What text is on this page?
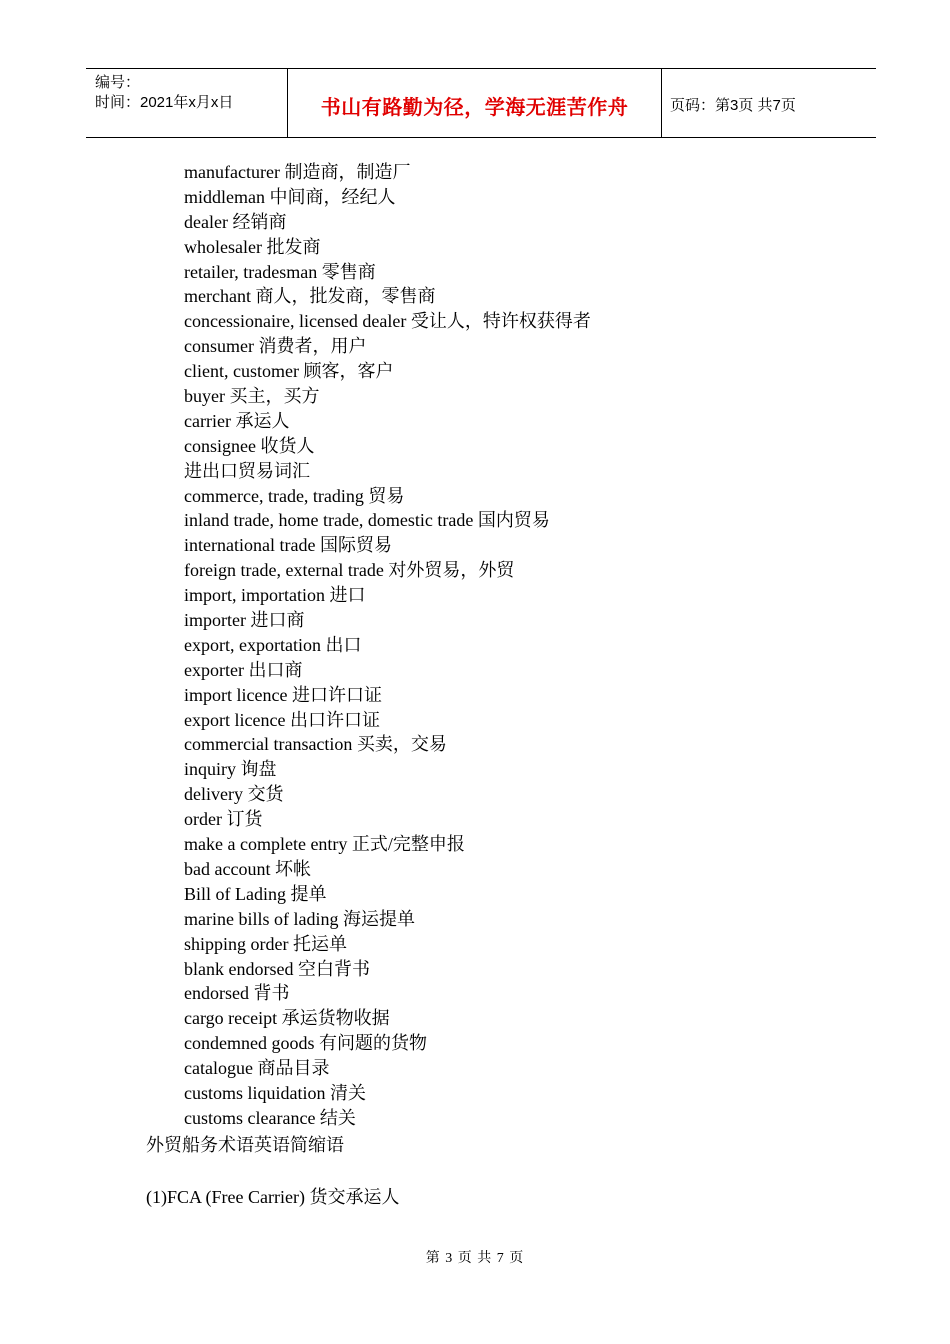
编号：
时间：2021年x月x日	书山有路勤为径，学海无涯苦作舟	页码：第3页 共7页
manufacturer 制造商，制造厂
middleman 中间商，经纪人
dealer 经销商
wholesaler 批发商
retailer, tradesman 零售商
merchant 商人，批发商，零售商
concessionaire, licensed dealer 受让人，特许权获得者
consumer 消费者，用户
client, customer 顾客，客户
buyer 买主，买方
carrier 承运人
consignee 收货人
进出口贸易词汇
commerce, trade, trading 贸易
inland trade, home trade, domestic trade 国内贸易
international trade 国际贸易
foreign trade, external trade 对外贸易，外贸
import, importation 进口
importer 进口商
export, exportation 出口
exporter 出口商
import licence 进口许口证
export licence 出口许口证
commercial transaction 买卖，交易
inquiry 询盘
delivery 交货
order 订货
make a complete entry 正式/完整申报
bad account 坏帐
Bill of Lading 提单
marine bills of lading 海运提单
shipping order 托运单
blank endorsed 空白背书
endorsed 背书
cargo receipt 承运货物收据
condemned goods 有问题的货物
catalogue 商品目录
customs liquidation 清关
customs clearance 结关
外贸船务术语英语简缩语
(1)FCA (Free Carrier) 货交承运人
第 3 页 共 7 页
